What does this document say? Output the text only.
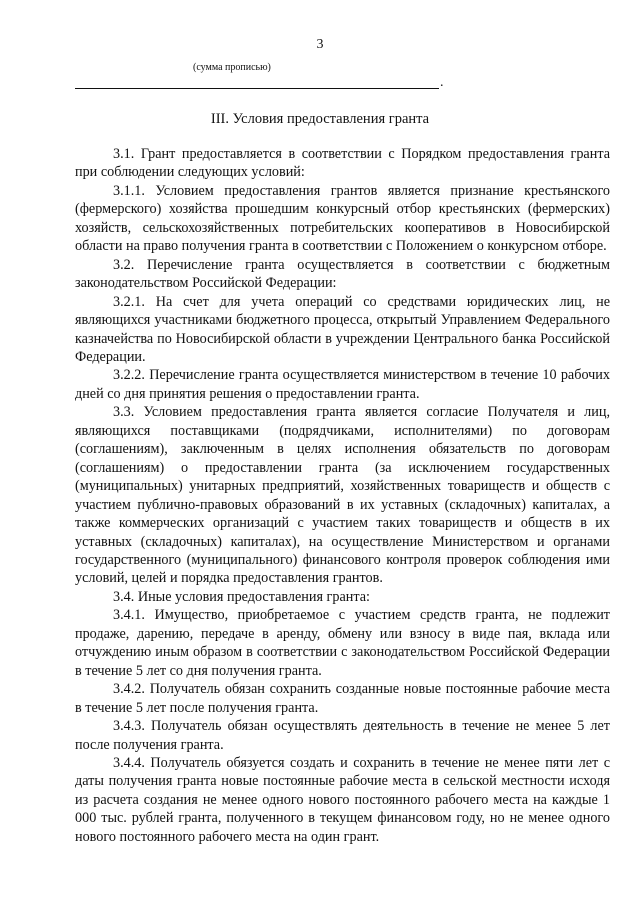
3
(сумма прописью)
.
III. Условия предоставления гранта

3.1. Грант предоставляется в соответствии с Порядком предоставления гранта при соблюдении следующих условий:

3.1.1. Условием предоставления грантов является признание крестьянского (фермерского) хозяйства прошедшим конкурсный отбор крестьянских (фермерских) хозяйств, сельскохозяйственных потребительских кооперативов в Новосибирской области на право получения гранта в соответствии с Положением о конкурсном отборе.

3.2. Перечисление гранта осуществляется в соответствии с бюджетным законодательством Российской Федерации:

3.2.1. На счет для учета операций со средствами юридических лиц, не являющихся участниками бюджетного процесса, открытый Управлением Федерального казначейства по Новосибирской области в учреждении Центрального банка Российской Федерации.

3.2.2. Перечисление гранта осуществляется министерством в течение 10 рабочих дней со дня принятия решения о предоставлении гранта.

3.3. Условием предоставления гранта является согласие Получателя и лиц, являющихся поставщиками (подрядчиками, исполнителями) по договорам (соглашениям), заключенным в целях исполнения обязательств по договорам (соглашениям) о предоставлении гранта (за исключением государственных (муниципальных) унитарных предприятий, хозяйственных товариществ и обществ с участием публично-правовых образований в их уставных (складочных) капиталах, а также коммерческих организаций с участием таких товариществ и обществ в их уставных (складочных) капиталах), на осуществление Министерством и органами государственного (муниципального) финансового контроля проверок соблюдения ими условий, целей и порядка предоставления грантов.

3.4. Иные условия предоставления гранта:

3.4.1. Имущество, приобретаемое с участием средств гранта, не подлежит продаже, дарению, передаче в аренду, обмену или взносу в виде пая, вклада или отчуждению иным образом в соответствии с законодательством Российской Федерации в течение 5 лет со дня получения гранта.

3.4.2. Получатель обязан сохранить созданные новые постоянные рабочие места в течение 5 лет после получения гранта.

3.4.3. Получатель обязан осуществлять деятельность в течение не менее 5 лет после получения гранта.

3.4.4. Получатель обязуется создать и сохранить в течение не менее пяти лет с даты получения гранта новые постоянные рабочие места в сельской местности исходя из расчета создания не менее одного нового постоянного рабочего места на каждые 1 000 тыс. рублей гранта, полученного в текущем финансовом году, но не менее одного нового постоянного рабочего места на один грант.
